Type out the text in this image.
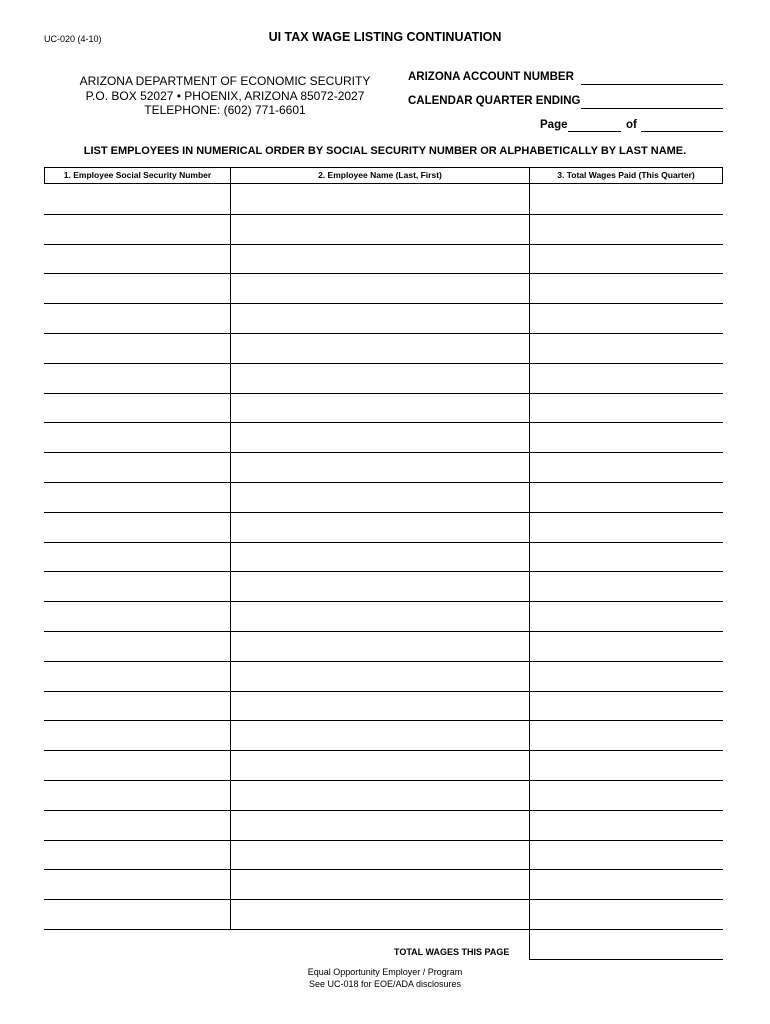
UC-020 (4-10)	UI TAX WAGE LISTING CONTINUATION
ARIZONA DEPARTMENT OF ECONOMIC SECURITY
P.O. BOX 52027 • PHOENIX, ARIZONA 85072-2027
TELEPHONE: (602) 771-6601
ARIZONA ACCOUNT NUMBER
CALENDAR QUARTER ENDING
Page	of
LIST EMPLOYEES IN NUMERICAL ORDER BY SOCIAL SECURITY NUMBER OR ALPHABETICALLY BY LAST NAME.
1. Employee Social Security Number	2. Employee Name (Last, First)	3. Total Wages Paid (This Quarter)
TOTAL WAGES THIS PAGE
Equal Opportunity Employer / Program
See UC-018 for EOE/ADA disclosures
